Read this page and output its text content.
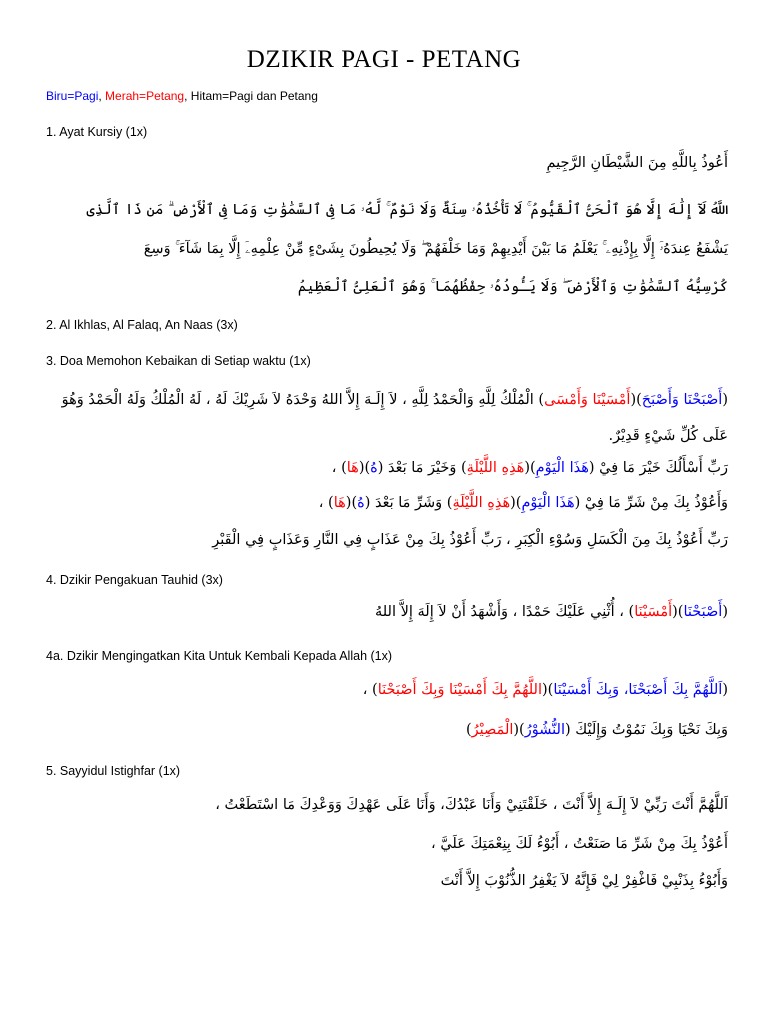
DZIKIR PAGI - PETANG
Biru=Pagi, Merah=Petang, Hitam=Pagi dan Petang
1. Ayat Kursiy (1x)
أَعُوذُ بِاللَّهِ مِنَ الشَّيْطَانِ الرَّجِيمِ
اللَّهُ لَآ إِلَٰهَ إِلَّا هُوَ ٱلْحَىُّ ٱلْقَيُّومُ ۚ لَا تَأْخُذُهُۥ سِنَةٌ وَلَا نَوْمٌ ۚ لَّهُۥ مَا فِى ٱلسَّمَٰوَٰتِ وَمَا فِى ٱلْأَرْضِ ۗ مَن ذَا ٱلَّذِى
يَشْفَعُ عِندَهُۥٓ إِلَّا بِإِذْنِهِۦ ۚ يَعْلَمُ مَا بَيْنَ أَيْدِيهِمْ وَمَا خَلْفَهُمْ ۖ وَلَا يُحِيطُونَ بِشَىْءٍ مِّنْ عِلْمِهِۦٓ إِلَّا بِمَا شَآءَ ۚ وَسِعَ
كُرْسِيُّهُ ٱلسَّمَٰوَٰتِ وَٱلْأَرْضَ ۖ وَلَا يَـُٔودُهُۥ حِفْظُهُمَا ۚ وَهُوَ ٱلْعَلِىُّ ٱلْعَظِيمُ
2. Al Ikhlas, Al Falaq, An Naas (3x)
3. Doa Memohon Kebaikan di Setiap waktu (1x)
(أَصْبَحْنَا وَأَصْبَحَ)(أَمْسَيْنَا وَأَمْسَى) الْمُلْكُ لِلَّهِ وَالْحَمْدُ لِلَّهِ ، لاَ إِلَـهَ إِلاَّ اللهُ وَحْدَهُ لاَ شَرِيْكَ لَهُ ، لَهُ الْمُلْكُ وَلَهُ الْحَمْدُ وَهُوَ عَلَى كُلِّ شَيْءٍ قَدِيْرٌ.
رَبِّ أَسْأَلُكَ خَيْرَ مَا فِيْ (هَذَا الْيَوْمِ)(هَذِهِ اللَّيْلَةِ) وَخَيْرَ مَا بَعْدَ (هُ)(هَا) ،
وَأَعُوْذُ بِكَ مِنْ شَرِّ مَا فِيْ (هَذَا الْيَوْمِ)(هَذِهِ اللَّيْلَةِ) وَشَرِّ مَا بَعْدَ (هُ)(هَا) ،
رَبِّ أَعُوْذُ بِكَ مِنَ الْكَسَلِ وَسُوْءِ الْكِبَرِ ، رَبِّ أَعُوْذُ بِكَ مِنْ عَذَابٍ فِي النَّارِ وَعَذَابٍ فِي الْقَبْرِ
4. Dzikir Pengakuan Tauhid (3x)
(أَصْبَحْنَا)(أَمْسَيْنَا) ، أُثْنِي عَلَيْكَ حَمْدًا ، وَأَشْهَدُ أَنْ لاَ إِلَهَ إِلاَّ اللهُ
4a. Dzikir Mengingatkan Kita Untuk Kembali Kepada Allah (1x)
(اَللَّهُمَّ بِكَ أَصْبَحْنَا، وَبِكَ أَمْسَيْنَا)(اللَّهُمَّ بِكَ أَمْسَيْنَا وَبِكَ أَصْبَحْنَا) ،
وَبِكَ نَحْيَا وَبِكَ نَمُوْتُ وَإِلَيْكَ (النُّشُوْرُ)(الْمَصِيْرُ)
5. Sayyidul Istighfar (1x)
اَللَّهُمَّ أَنْتَ رَبِّيْ لاَ إِلَـهَ إِلاَّ أَنْتَ ، خَلَقْتَنِيْ وَأَنَا عَبْدُكَ، وَأَنَا عَلَى عَهْدِكَ وَوَعْدِكَ مَا اسْتَطَعْتُ ،
أَعُوْذُ بِكَ مِنْ شَرِّ مَا صَنَعْتُ ، أَبُوْءُ لَكَ بِنِعْمَتِكَ عَلَيَّ ،
وَأَبُوْءُ بِذَنْبِيْ فَاغْفِرْ لِيْ فَإِنَّهُ لاَ يَغْفِرُ الذُّنُوْبَ إِلاَّ أَنْتَ
